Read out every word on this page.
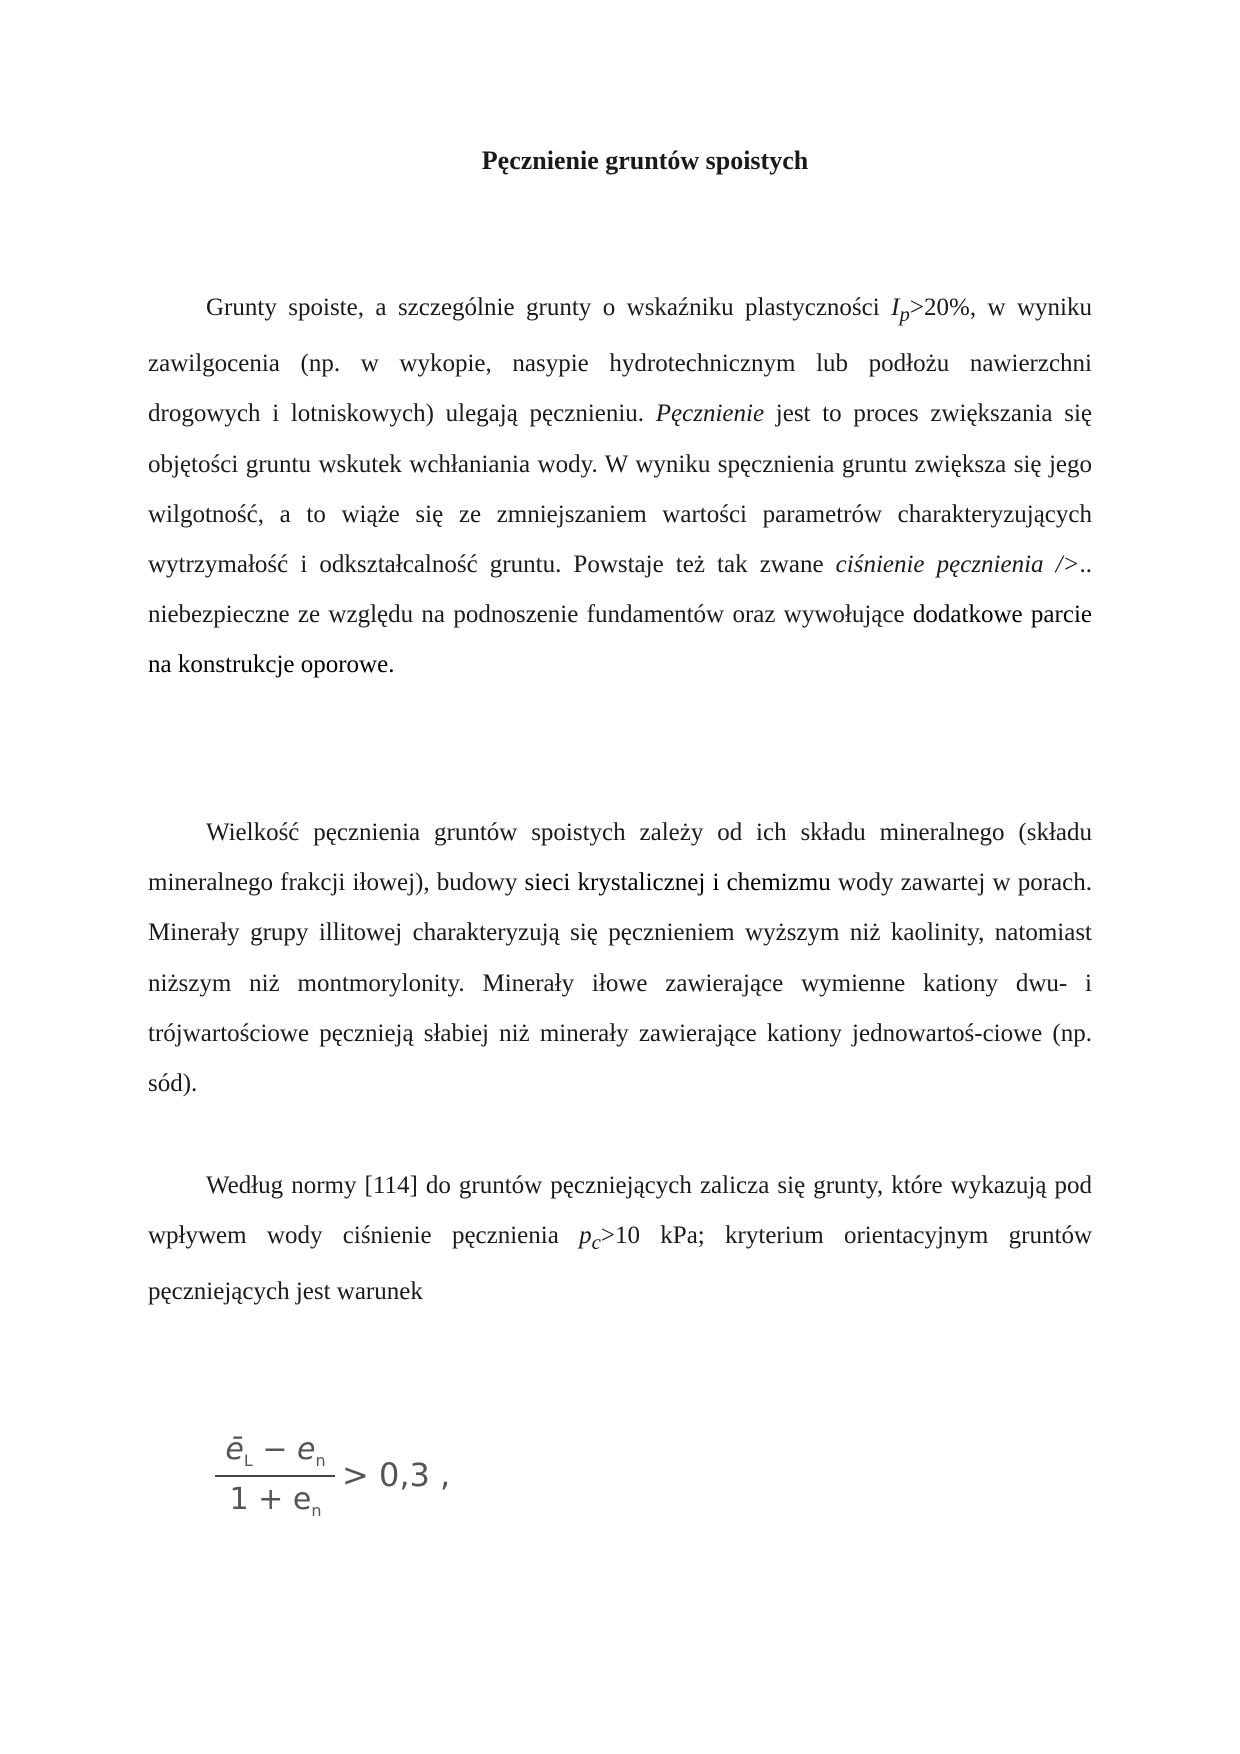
Pęcznienie gruntów spoistych

Grunty spoiste, a szczególnie grunty o wskaźniku plastyczności $I_p>20\%$, w wyniku zawilgocenia (np. w wykopie, nasypie hydrotechnicznym lub podłożu nawierzchni drogowych i lotniskowych) ulegają pęcznieniu. Pęcznienie jest to proces zwiększania się objętości gruntu wskutek wchłaniania wody. W wyniku spęcznienia gruntu zwiększa się jego wilgotność, a to wiąże się ze zmniejszaniem wartości parametrów charakteryzujących wytrzymałość i odkształcalność gruntu. Powstaje też tak zwane ciśnienie pęcznienia />.. niebezpieczne ze względu na podnoszenie fundamentów oraz wywołujące dodatkowe parcie na konstrukcje oporowe.

Wielkość pęcznienia gruntów spoistych zależy od ich składu mineralnego (składu mineralnego frakcji iłowej), budowy sieci krystalicznej i chemizmu wody zawartej w porach. Minerały grupy illitowej charakteryzują się pęcznieniem wyższym niż kaolinity, natomiast niższym niż montmorylonity. Minerały iłowe zawierające wymienne kationy dwu- i trójwartościowe pęcznieją słabiej niż minerały zawierające kationy jednowartoś-ciowe (np. sód).

Według normy [114] do gruntów pęczniejących zalicza się grunty, które wykazują pod wpływem wody ciśnienie pęcznienia $p_c>10$ kPa; kryterium orientacyjnym gruntów pęczniejących jest warunek

$ē_L - e_n$
$1 + e_n$
> 0,3 ,
